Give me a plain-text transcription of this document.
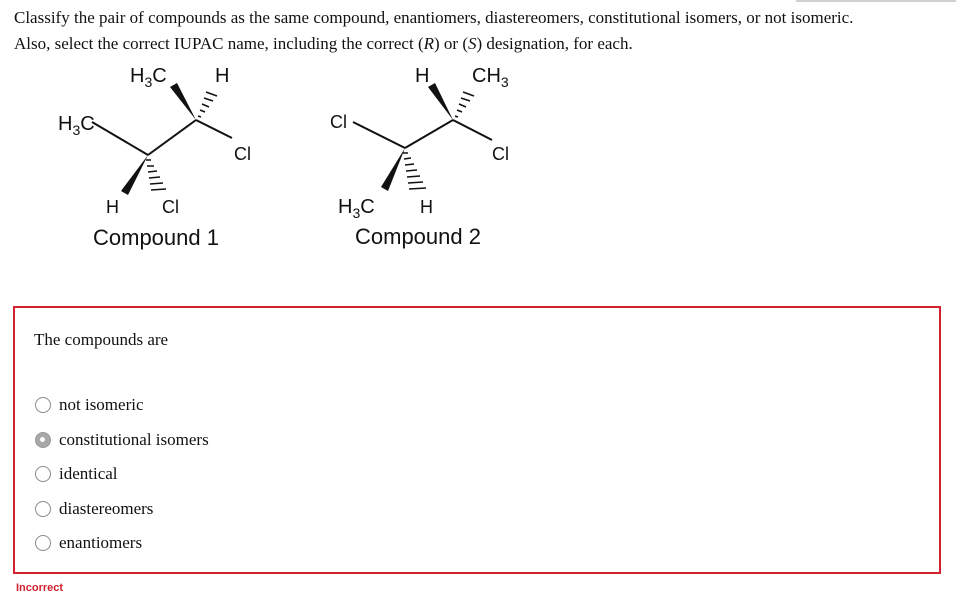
Classify the pair of compounds as the same compound, enantiomers, diastereomers, constitutional isomers, or not isomeric.

Also, select the correct IUPAC name, including the correct (R) or (S) designation, for each.

$H_3C$ H
$H_3C$
Cl
H Cl
Compound 1
H $CH_3$
Cl
Cl
$H_3C$	H
Compound 2
The compounds are
not isomeric
constitutional isomers
identical
diastereomers
enantiomers
Incorrect
